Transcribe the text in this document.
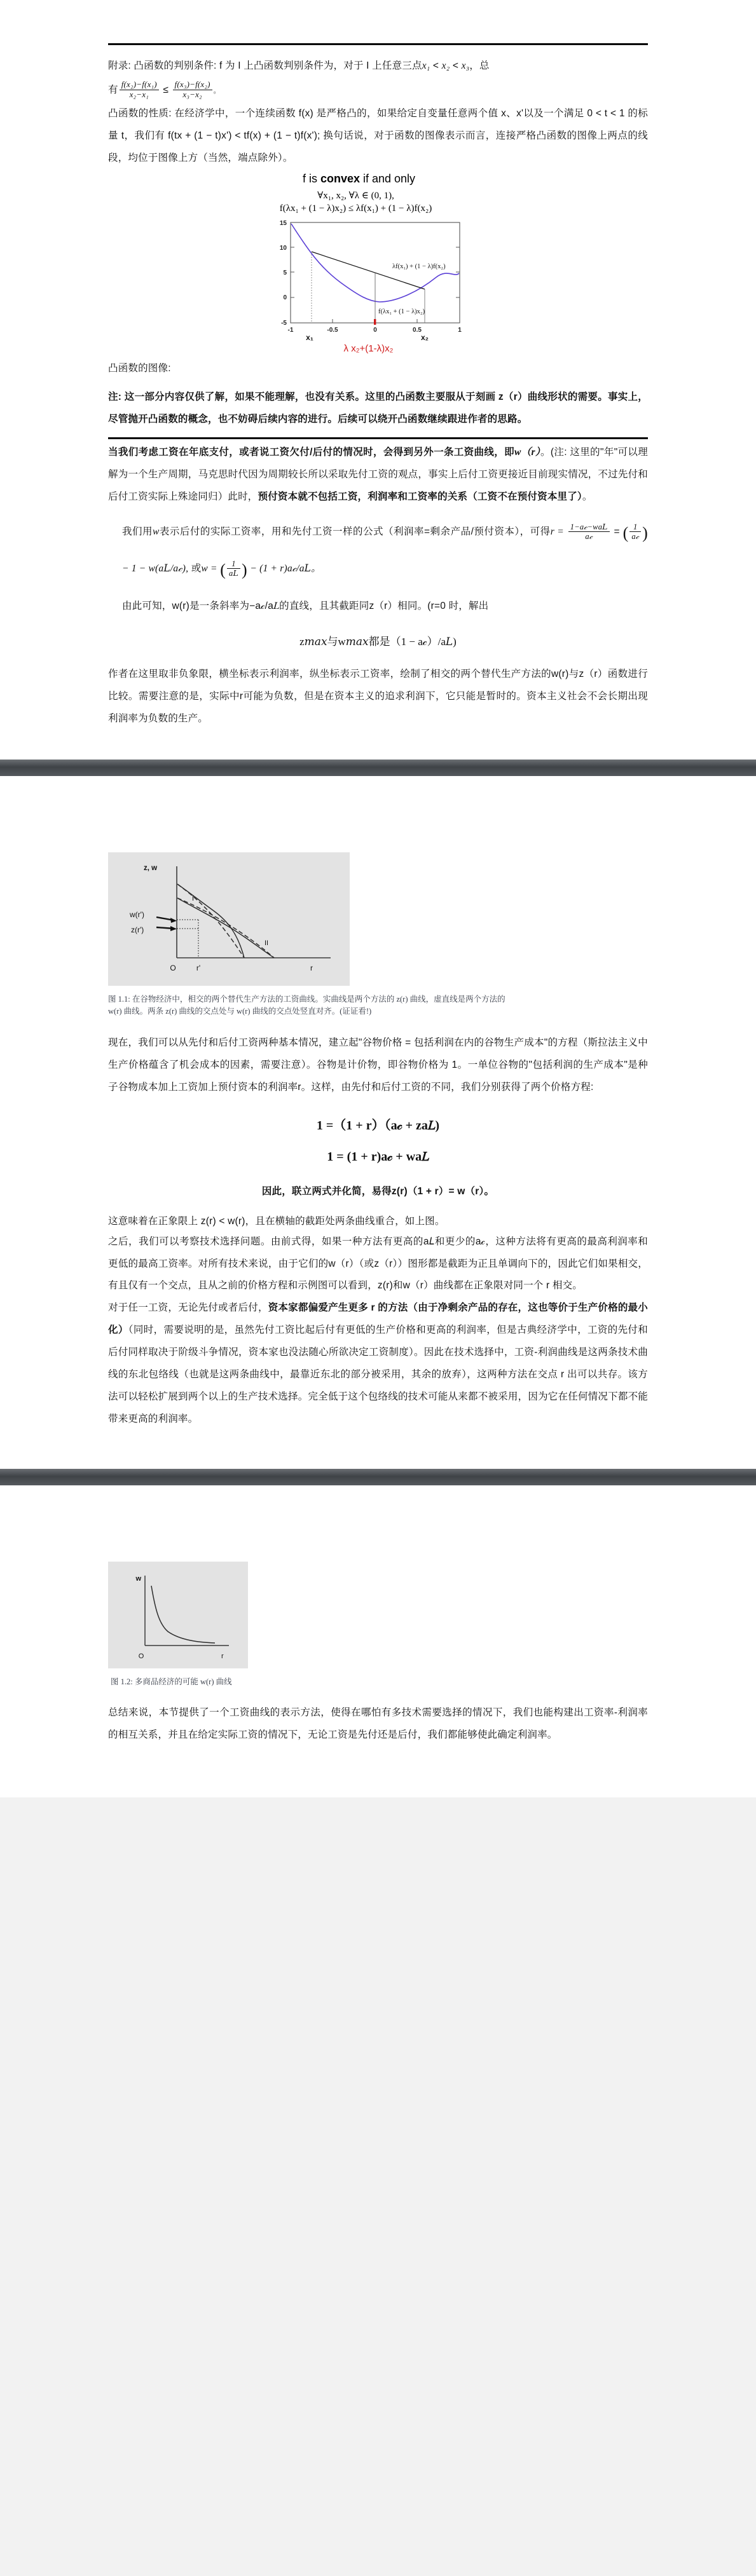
附录: 凸函数的判别条件: f 为 I 上凸函数判别条件为，对于 I 上任意三点x₁ < x₂ < x₃，总
有 $\frac{\text{f(x₂)−f(x₁)}}{\text{x₂−x₁}} \le \frac{\text{f(x₃)−f(x₂)}}{\text{x₃−x₂}}$ 。
凸函数的性质: 在经济学中，一个连续函数 f(x) 是严格凸的，如果给定自变量任意两个值 x、x'以及一个满足 0 < t < 1 的标量 t，我们有 f(tx + (1 − t)x') < tf(x) + (1 − t)f(x'); 换句话说，对于函数的图像表示而言，连接严格凸函数的图像上两点的线段，均位于图像上方（当然，端点除外）。
f is convex if and only
∀x₁, x₂, ∀λ ∈ (0, 1),
f(λx₁ + (1 − λ)x₂) ≤ λf(x₁) + (1 − λ)f(x₂)
15
10
5
0
-5
-1	-0.5	0	0.5	1
λf(x₁) + (1 − λ)f(x₂)
f(λx₁ + (1 − λ)x₂)
x₁	x₂
λ x₂+(1-λ)x₂
凸函数的图像:
注: 这一部分内容仅供了解，如果不能理解，也没有关系。这里的凸函数主要服从于刻画 z（r）曲线形状的需要。事实上，尽管抛开凸函数的概念，也不妨碍后续内容的进行。后续可以绕开凸函数继续跟进作者的思路。
当我们考虑工资在年底支付，或者说工资欠付/后付的情况时，会得到另外一条工资曲线，即w（r）。(注: 这里的"年"可以理解为一个生产周期，马克思时代因为周期较长所以采取先付工资的观点，事实上后付工资更接近目前现实情况，不过先付和后付工资实际上殊途同归）此时，预付资本就不包括工资，利润率和工资率的关系（工资不在预付资本里了）。
我们用w表示后付的实际工资率，用和先付工资一样的公式（利润率=剩余产品/预付资本），可得$r = \frac{\text{1−a𝒸−wa𝐿}}{\text{a𝒸}}$ = ( $\frac{1}{\text{a𝒸}}$ ) − 1 − w(a𝐿/a𝒸), 或w = ( $\frac{1}{\text{a𝐿}}$ ) − (1 + r)a𝒸/a𝐿。
由此可知，w(r)是一条斜率为−a𝒸/a𝐿的直线，且其截距同z（r）相同。(r=0 时，解出
z𝑚𝑎𝑥与w𝑚𝑎𝑥都是（1 − a𝒸）/a𝐿)
作者在这里取非负象限，横坐标表示利润率，纵坐标表示工资率，绘制了相交的两个替代生产方法的w(r)与z（r）函数进行比较。需要注意的是，实际中r可能为负数，但是在资本主义的追求利润下，它只能是暂时的。资本主义社会不会长期出现利润率为负数的生产。
z, w
r
O	r'
w(r')
z(r')
I
II
图 1.1: 在谷物经济中，相交的两个替代生产方法的工资曲线。实曲线是两个方法的 z(r) 曲线，虚直线是两个方法的 w(r) 曲线。两条 z(r) 曲线的交点处与 w(r) 曲线的交点处竖直对齐。(证证看!)
现在，我们可以从先付和后付工资两种基本情况，建立起"谷物价格 = 包括利润在内的谷物生产成本"的方程（斯拉法主义中生产价格蕴含了机会成本的因素，需要注意）。谷物是计价物，即谷物价格为 1。一单位谷物的"包括利润的生产成本"是种子谷物成本加上工资加上预付资本的利润率r。这样，由先付和后付工资的不同，我们分别获得了两个价格方程:
1 =（1 + r）（a𝒸 + za𝐿)
1 = (1 + r)a𝒸 + wa𝐿
因此，联立两式并化简，易得z(r)（1 + r）= w（r）。
这意味着在正象限上 z(r) < w(r)，且在横轴的截距处两条曲线重合，如上图。
之后，我们可以考察技术选择问题。由前式得，如果一种方法有更高的a𝐿和更少的a𝒸，这种方法将有更高的最高利润率和更低的最高工资率。对所有技术来说，由于它们的w（r）（或z（r））图形都是截距为正且单调向下的，因此它们如果相交，有且仅有一个交点，且从之前的价格方程和示例图可以看到，z(r)和w（r）曲线都在正象限对同一个 r 相交。
对于任一工资，无论先付或者后付，资本家都偏爱产生更多 r 的方法（由于净剩余产品的存在，这也等价于生产价格的最小化）（同时，需要说明的是，虽然先付工资比起后付有更低的生产价格和更高的利润率，但是古典经济学中，工资的先付和后付同样取决于阶级斗争情况，资本家也没法随心所欲决定工资制度）。因此在技术选择中，工资-利润曲线是这两条技术曲线的东北包络线（也就是这两条曲线中，最靠近东北的部分被采用，其余的放弃），这两种方法在交点 r 出可以共存。该方法可以轻松扩展到两个以上的生产技术选择。完全低于这个包络线的技术可能从来都不被采用，因为它在任何情况下都不能带来更高的利润率。
w
r
O
图 1.2: 多商品经济的可能 w(r) 曲线
总结来说，本节提供了一个工资曲线的表示方法，使得在哪怕有多技术需要选择的情况下，我们也能构建出工资率-利润率的相互关系，并且在给定实际工资的情况下，无论工资是先付还是后付，我们都能够使此确定利润率。
